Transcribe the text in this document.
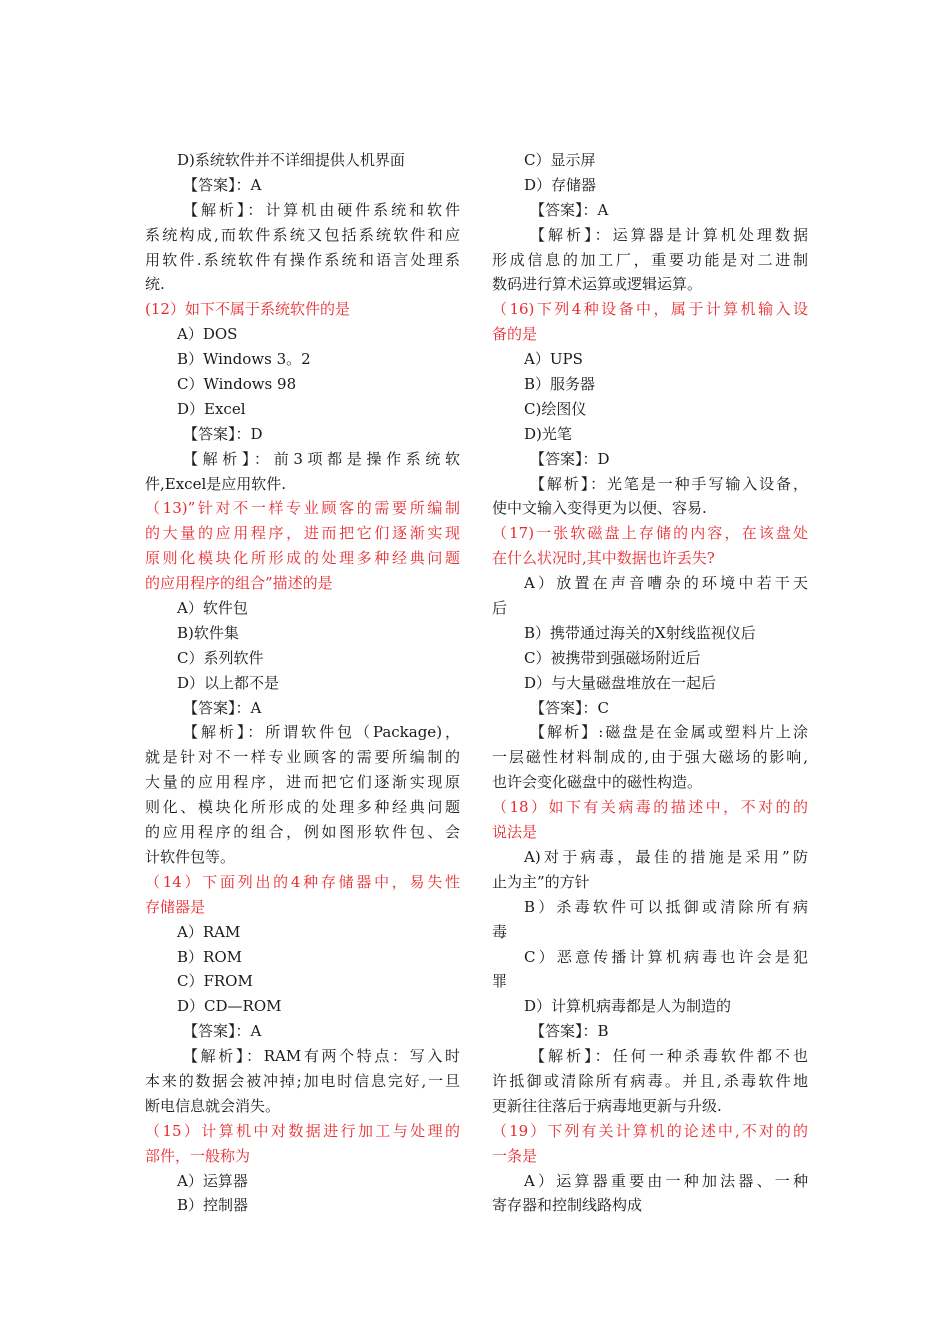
D)系统软件并不详细提供人机界面
【答案】：A
【解析】：计算机由硬件系统和软件
系统构成,而软件系统又包括系统软件和应
用软件.系统软件有操作系统和语言处理系
统.
(12）如下不属于系统软件的是
A）DOS
B）Windows 3。2
C）Windows 98
D）Excel
【答案】：D
【解析】：前3项都是操作系统软
件,Excel是应用软件.
（13)”针对不一样专业顾客的需要所编制
的大量的应用程序，进而把它们逐渐实现
原则化模块化所形成的处理多种经典问题
的应用程序的组合”描述的是
A）软件包
B)软件集
C）系列软件
D）以上都不是
【答案】：A
【解析】：所谓软件包（Package)，
就是针对不一样专业顾客的需要所编制的
大量的应用程序，进而把它们逐渐实现原
则化、模块化所形成的处理多种经典问题
的应用程序的组合，例如图形软件包、会
计软件包等。
（14）下面列出的4种存储器中，易失性
存储器是
A）RAM
B）ROM
C）FROM
D）CD—ROM
【答案】：A
【解析】：RAM有两个特点：写入时
本来的数据会被冲掉;加电时信息完好,一旦
断电信息就会消失。
（15）计算机中对数据进行加工与处理的
部件，一般称为
A）运算器
B）控制器
C）显示屏
D）存储器
【答案】：A
【解析】：运算器是计算机处理数据
形成信息的加工厂，重要功能是对二进制
数码进行算术运算或逻辑运算。
（16)下列4种设备中，属于计算机输入设
备的是
A）UPS
B）服务器
C)绘图仪
D)光笔
【答案】：D
【解析】：光笔是一种手写输入设备，
使中文输入变得更为以便、容易.
（17)一张软磁盘上存储的内容，在该盘处
在什么状况时,其中数据也许丢失?
A）放置在声音嘈杂的环境中若干天
后
B）携带通过海关的X射线监视仪后
C）被携带到强磁场附近后
D）与大量磁盘堆放在一起后
【答案】：C
【解析】:磁盘是在金属或塑料片上涂
一层磁性材料制成的,由于强大磁场的影响,
也许会变化磁盘中的磁性构造。
（18）如下有关病毒的描述中，不对的的
说法是
A)对于病毒，最佳的措施是采用”防
止为主”的方针
B）杀毒软件可以抵御或清除所有病
毒
C）恶意传播计算机病毒也许会是犯
罪
D）计算机病毒都是人为制造的
【答案】：B
【解析】：任何一种杀毒软件都不也
许抵御或清除所有病毒。并且,杀毒软件地
更新往往落后于病毒地更新与升级.
（19）下列有关计算机的论述中,不对的的
一条是
A）运算器重要由一种加法器、一种
寄存器和控制线路构成
